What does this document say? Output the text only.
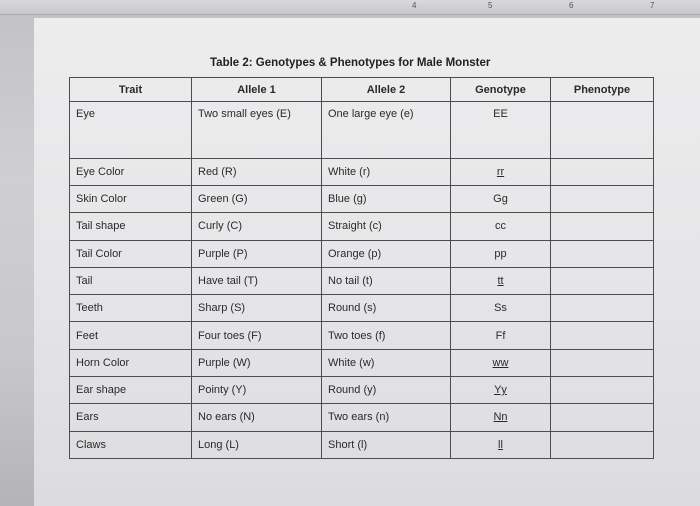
4	5	6	7
Table 2: Genotypes & Phenotypes for Male Monster
Trait	Allele 1	Allele 2	Genotype	Phenotype
Eye	Two small eyes (E)	One large eye (e)	EE	
Eye Color	Red (R)	White (r)	rr	
Skin Color	Green (G)	Blue (g)	Gg	
Tail shape	Curly (C)	Straight (c)	cc	
Tail Color	Purple (P)	Orange (p)	pp	
Tail	Have tail (T)	No tail (t)	tt	
Teeth	Sharp (S)	Round (s)	Ss	
Feet	Four toes (F)	Two toes (f)	Ff	
Horn Color	Purple (W)	White (w)	ww	
Ear shape	Pointy (Y)	Round (y)	Yy	
Ears	No ears (N)	Two ears (n)	Nn	
Claws	Long (L)	Short (l)	ll	
